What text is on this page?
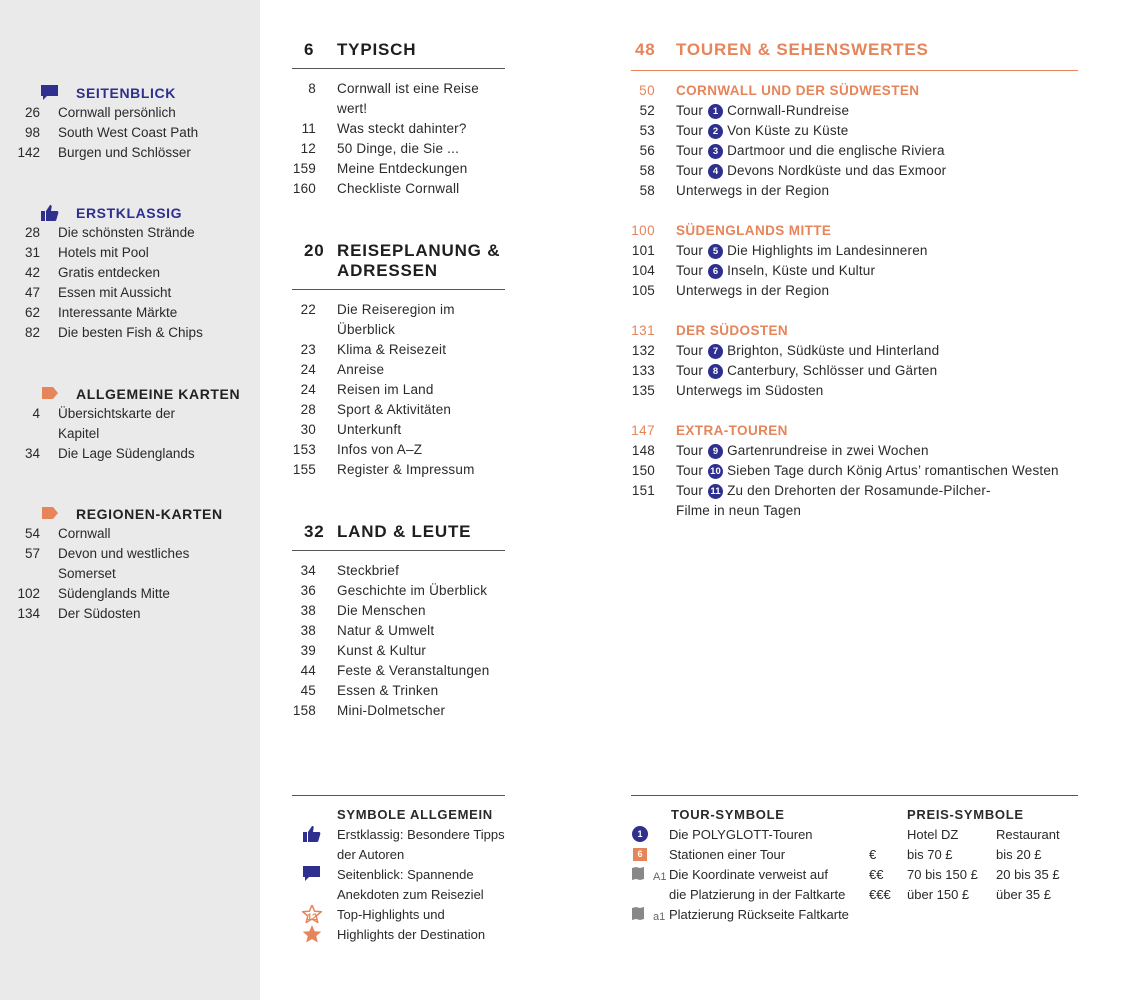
SEITENBLICK
26	Cornwall persönlich
98	South West Coast Path
142	Burgen und Schlösser
ERSTKLASSIG
28	Die schönsten Strände
31	Hotels mit Pool
42	Gratis entdecken
47	Essen mit Aussicht
62	Interessante Märkte
82	Die besten Fish & Chips
ALLGEMEINE KARTEN
4	Übersichtskarte der
Kapitel
34	Die Lage Südenglands
REGIONEN-KARTEN
54	Cornwall
57	Devon und westliches
Somerset
102	Südenglands Mitte
134	Der Südosten
6	TYPISCH
8	Cornwall ist eine Reise wert!
11	Was steckt dahinter?
12	50 Dinge, die Sie ...
159	Meine Entdeckungen
160	Checkliste Cornwall
20 REISEPLANUNG &
ADRESSEN
22	Die Reiseregion im Überblick
23	Klima & Reisezeit
24	Anreise
24	Reisen im Land
28	Sport & Aktivitäten
30	Unterkunft
153	Infos von A–Z
155	Register & Impressum
32 LAND & LEUTE
34	Steckbrief
36	Geschichte im Überblick
38	Die Menschen
38	Natur & Umwelt
39	Kunst & Kultur
44	Feste & Veranstaltungen
45	Essen & Trinken
158	Mini-Dolmetscher
48	TOUREN & SEHENSWERTES
50	CORNWALL UND DER SÜDWESTEN
52	Tour 1 Cornwall-Rundreise
53	Tour 2 Von Küste zu Küste
56	Tour 3 Dartmoor und die englische Riviera
58	Tour 4 Devons Nordküste und das Exmoor
58	Unterwegs in der Region
100	SÜDENGLANDS MITTE
101	Tour 5 Die Highlights im Landesinneren
104	Tour 6 Inseln, Küste und Kultur
105	Unterwegs in der Region
131	DER SÜDOSTEN
132	Tour 7 Brighton, Südküste und Hinterland
133	Tour 8 Canterbury, Schlösser und Gärten
135	Unterwegs im Südosten
147	EXTRA-TOUREN
148	Tour 9 Gartenrundreise in zwei Wochen
150	Tour 10 Sieben Tage durch König Artus’ romantischen Westen
151	Tour 11 Zu den Drehorten der Rosamunde-Pilcher-
Filme in neun Tagen
SYMBOLE ALLGEMEIN
Erstklassig: Besondere Tipps
der Autoren
Seitenblick: Spannende
Anekdoten zum Reiseziel
12	Top-Highlights und
Highlights der Destination
TOUR-SYMBOLE
1	Die POLYGLOTT-Touren
6	Stationen einer Tour
$^{A1}$ Die Koordinate verweist auf
die Platzierung in der Faltkarte
$^{a1}$ Platzierung Rückseite Faltkarte
PREIS-SYMBOLE
Hotel DZ	Restaurant
€	bis 70 £	bis 20 £
€€	70 bis 150 £	20 bis 35 £
€€€	über 150 £	über 35 £
